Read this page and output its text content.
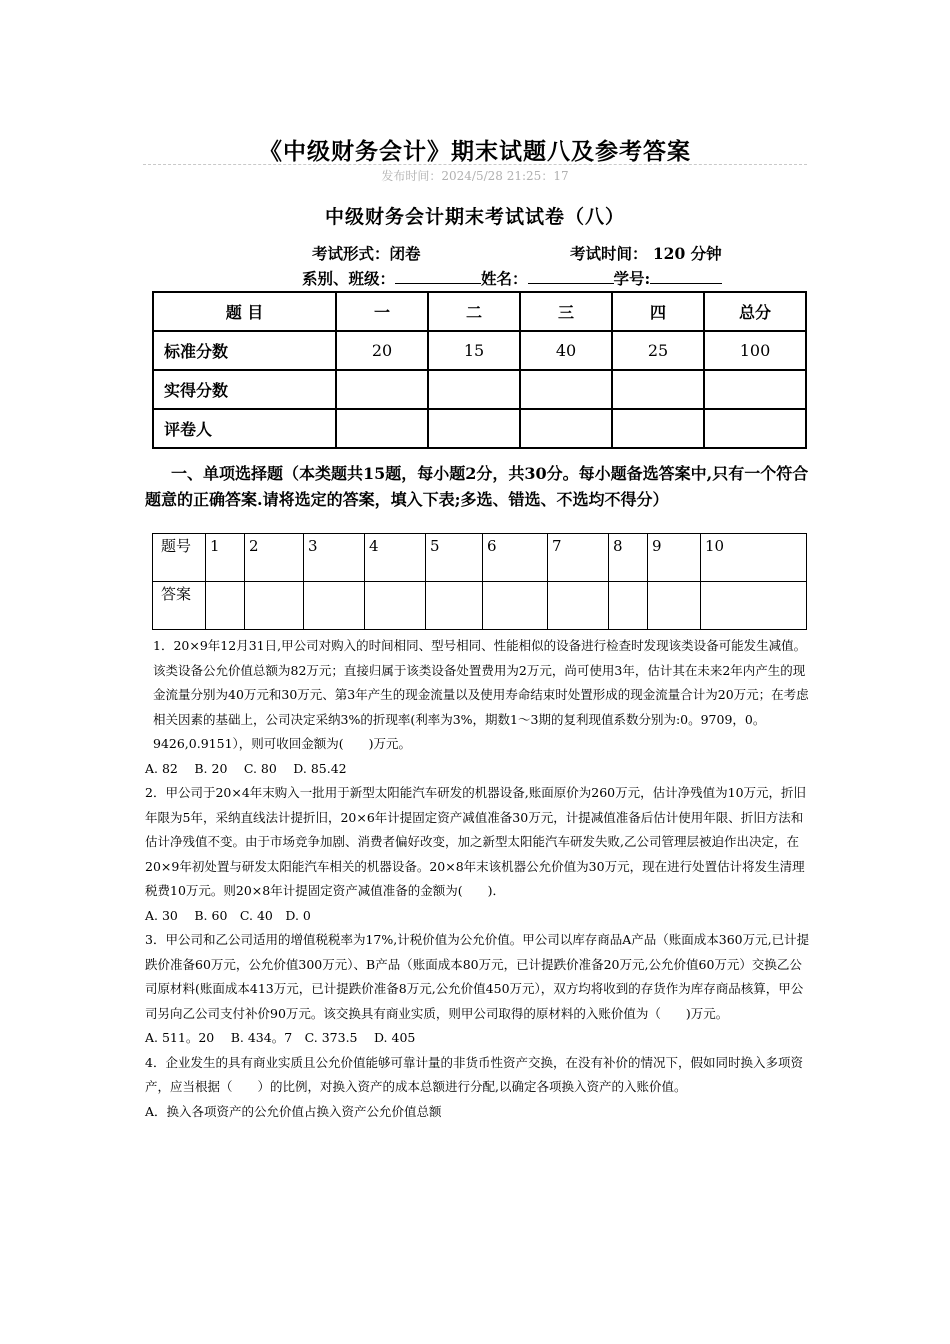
《中级财务会计》期末试题八及参考答案
发布时间：2024/5/28 21:25：17
中级财务会计期末考试试卷（八）
考试形式：闭卷	考试时间： 120 分钟
系别、班级：	姓名：	学号:
题 目	一	二	三	四	总分
标准分数	20	15	40	25	100
实得分数					
评卷人					
一、单项选择题（本类题共15题，每小题2分，共30分。每小题备选答案中,只有一个符合题意的正确答案.请将选定的答案，填入下表;多选、错选、不选均不得分）
题号	1	2	3	4	5	6	7	8	9	10
答案										

1．20×9年12月31日,甲公司对购入的时间相同、型号相同、性能相似的设备进行检查时发现该类设备可能发生减值。该类设备公允价值总额为82万元；直接归属于该类设备处置费用为2万元，尚可使用3年，估计其在未来2年内产生的现金流量分别为40万元和30万元、第3年产生的现金流量以及使用寿命结束时处置形成的现金流量合计为20万元；在考虑相关因素的基础上，公司决定采纳3%的折现率(利率为3%，期数1～3期的复利现值系数分别为:0。9709，0。9426,0.9151），则可收回金额为(　　)万元。

A. 82　 B. 20　 C. 80　 D. 85.42

2．甲公司于20×4年末购入一批用于新型太阳能汽车研发的机器设备,账面原价为260万元，估计净残值为10万元，折旧年限为5年，采纳直线法计提折旧，20×6年计提固定资产减值准备30万元，计提减值准备后估计使用年限、折旧方法和估计净残值不变。由于市场竞争加剧、消费者偏好改变，加之新型太阳能汽车研发失败,乙公司管理层被迫作出决定，在20×9年初处置与研发太阳能汽车相关的机器设备。20×8年末该机器公允价值为30万元，现在进行处置估计将发生清理税费10万元。则20×8年计提固定资产减值准备的金额为(　　)．

A. 30　 B. 60　C. 40　D. 0

3．甲公司和乙公司适用的增值税税率为17%,计税价值为公允价值。甲公司以库存商品A产品（账面成本360万元,已计提跌价准备60万元，公允价值300万元）、B产品（账面成本80万元，已计提跌价准备20万元,公允价值60万元）交换乙公司原材料(账面成本413万元，已计提跌价准备8万元,公允价值450万元），双方均将收到的存货作为库存商品核算，甲公司另向乙公司支付补价90万元。该交换具有商业实质，则甲公司取得的原材料的入账价值为（　　)万元。

A. 511。20　 B. 434。7　C. 373.5　 D. 405

4．企业发生的具有商业实质且公允价值能够可靠计量的非货币性资产交换，在没有补价的情况下，假如同时换入多项资产，应当根据（　　）的比例，对换入资产的成本总额进行分配,以确定各项换入资产的入账价值。

A．换入各项资产的公允价值占换入资产公允价值总额
